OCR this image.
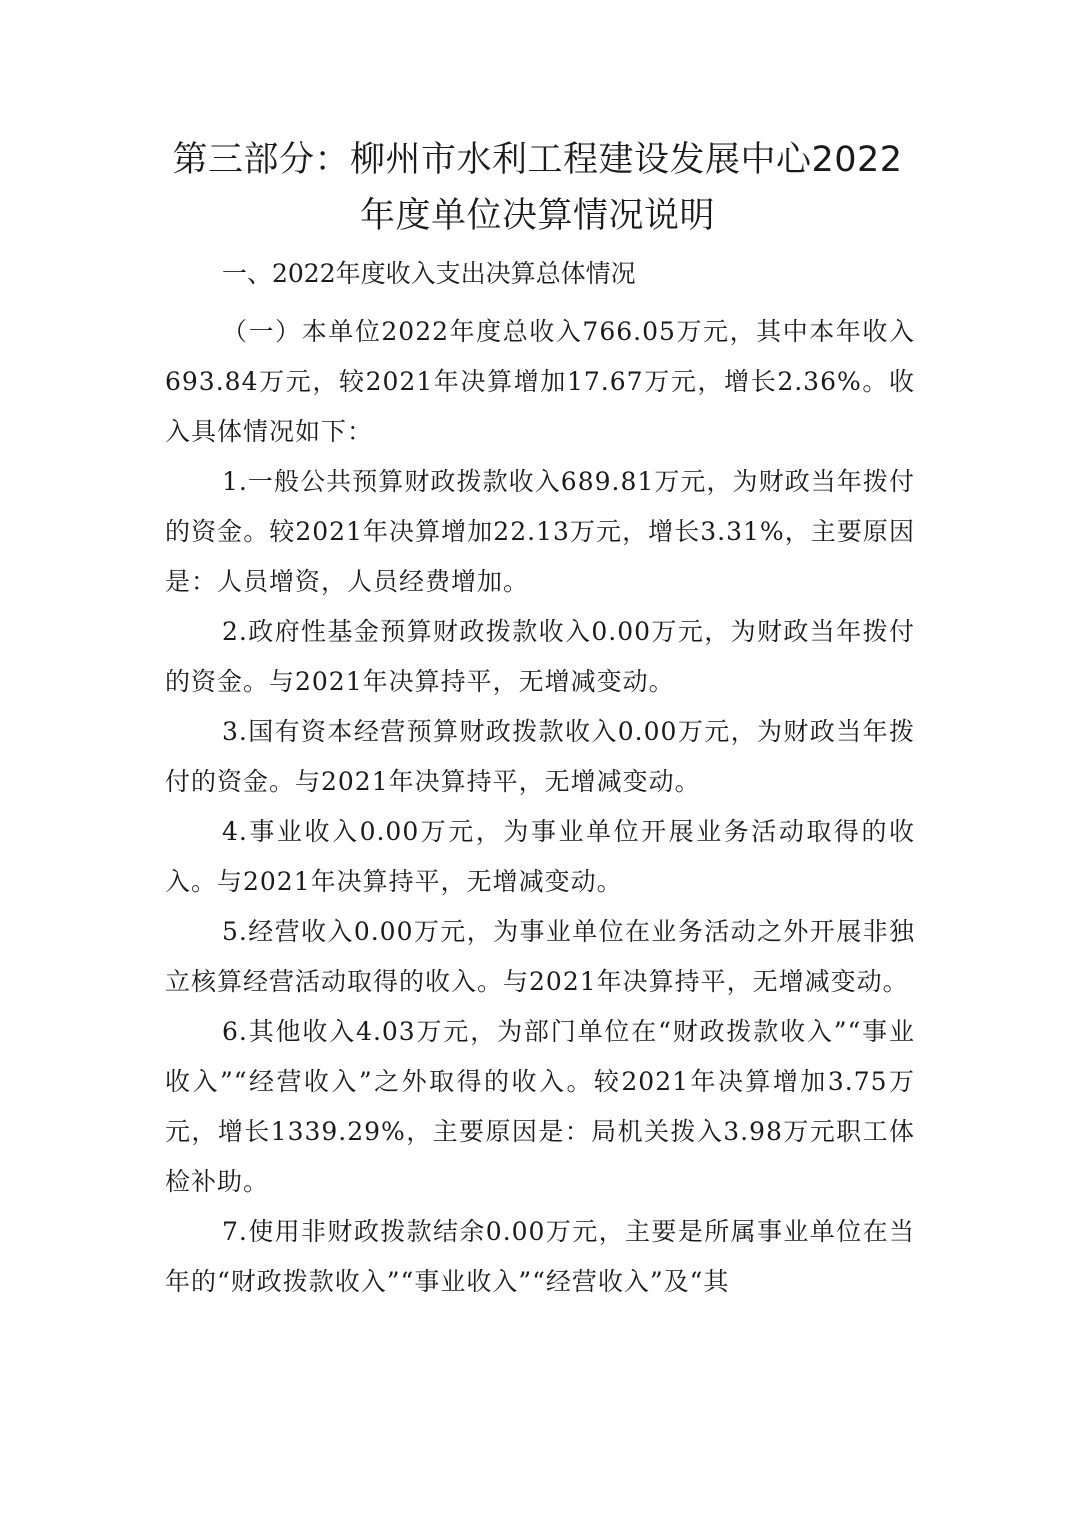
第三部分：柳州市水利工程建设发展中心2022年度单位决算情况说明
一、2022年度收入支出决算总体情况

（一）本单位2022年度总收入766.05万元，其中本年收入693.84万元，较2021年决算增加17.67万元，增长2.36%。收入具体情况如下：

1.一般公共预算财政拨款收入689.81万元，为财政当年拨付的资金。较2021年决算增加22.13万元，增长3.31%，主要原因是：人员增资，人员经费增加。

2.政府性基金预算财政拨款收入0.00万元，为财政当年拨付的资金。与2021年决算持平，无增减变动。

3.国有资本经营预算财政拨款收入0.00万元，为财政当年拨付的资金。与2021年决算持平，无增减变动。

4.事业收入0.00万元，为事业单位开展业务活动取得的收入。与2021年决算持平，无增减变动。

5.经营收入0.00万元，为事业单位在业务活动之外开展非独立核算经营活动取得的收入。与2021年决算持平，无增减变动。

6.其他收入4.03万元，为部门单位在“财政拨款收入”“事业收入”“经营收入”之外取得的收入。较2021年决算增加3.75万元，增长1339.29%，主要原因是：局机关拨入3.98万元职工体检补助。

7.使用非财政拨款结余0.00万元，主要是所属事业单位在当年的“财政拨款收入”“事业收入”“经营收入”及“其
